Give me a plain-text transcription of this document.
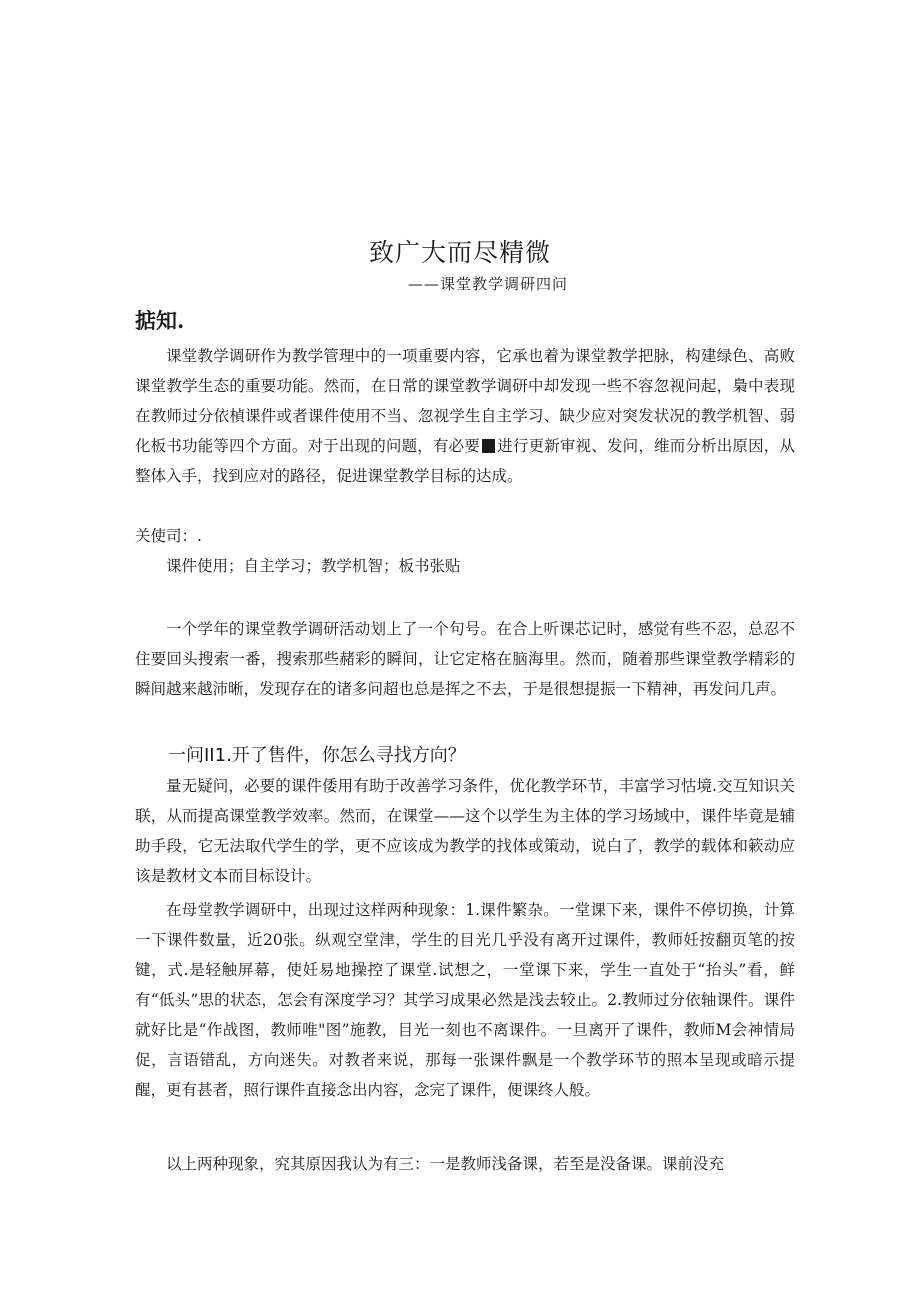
致广大而尽精微
——课堂教学调研四问
掂知.
课堂教学调研作为教学管理中的一项重要内容，它承也着为课堂教学把脉，构建绿色、高败课堂教学生态的重要功能。然而，在日常的课堂教学调研中却发现一些不容忽视问起，梟中表现在教师过分依楨课件或者课件使用不当、忽视学生自主学习、缺少应对突发状况的教学机智、弱化板书功能等四个方面。对于出现的问题，有必要 进行更新审视、发问，维而分析出原因，从整体入手，找到应对的路径，促进课堂教学目标的达成。
关使司：.
课件使用；自主学习；教学机智；板书张贴
一个学年的课堂教学调研活动划上了一个句号。在合上听课芯记时，感觉有些不忍，总忍不住要回头搜索一番，搜索那些赭彩的瞬间，让它定格在脑海里。然而，随着那些课堂教学精彩的瞬间越来越沛晰，发现存在的诸多问超也总是挥之不去，于是很想提振一下精神，再发问几声。
一问II1.开了售件，你怎么寻找方向？
量无疑问，必要的课件倭用有助于改善学习条件，优化教学环节，丰富学习怙境.交互知识关联，从而提高课堂教学效率。然而，在课堂——这个以学生为主体的学习场域中，课件毕竟是辅助手段，它无法取代学生的学，更不应该成为教学的找体或策动，说白了，教学的载体和簌动应该是教材文本而目标设计。
在母堂教学调研中，出现过这样两种现象：1.课件繁杂。一堂课下来，课件不停切换，计算一下课件数量，近20张。纵观空堂津，学生的目光几乎没有离开过课件，教师妊按翻页笔的按键，式.是轻触屏幕，使妊易地操控了课堂.试想之，一堂课下来，学生一直处于“抬头”看，鲜有“低头”思的状态，怎会有深度学习？其学习成果必然是浅去较止。2.教师过分依轴课件。课件就好比是“作战图，教师唯"图”施教，目光一刻也不离课件。一旦离开了课件，教师M会神情局促，言语错乱，方向迷失。对教者来说，那每一张课件飘是一个教学环节的照本呈现或暗示提醒，更有甚者，照行课件直接念出内容，念完了课件，便课终人般。
以上两种现象，究其原因我认为有三：一是教师浅备课，若至是没备课。课前没充
